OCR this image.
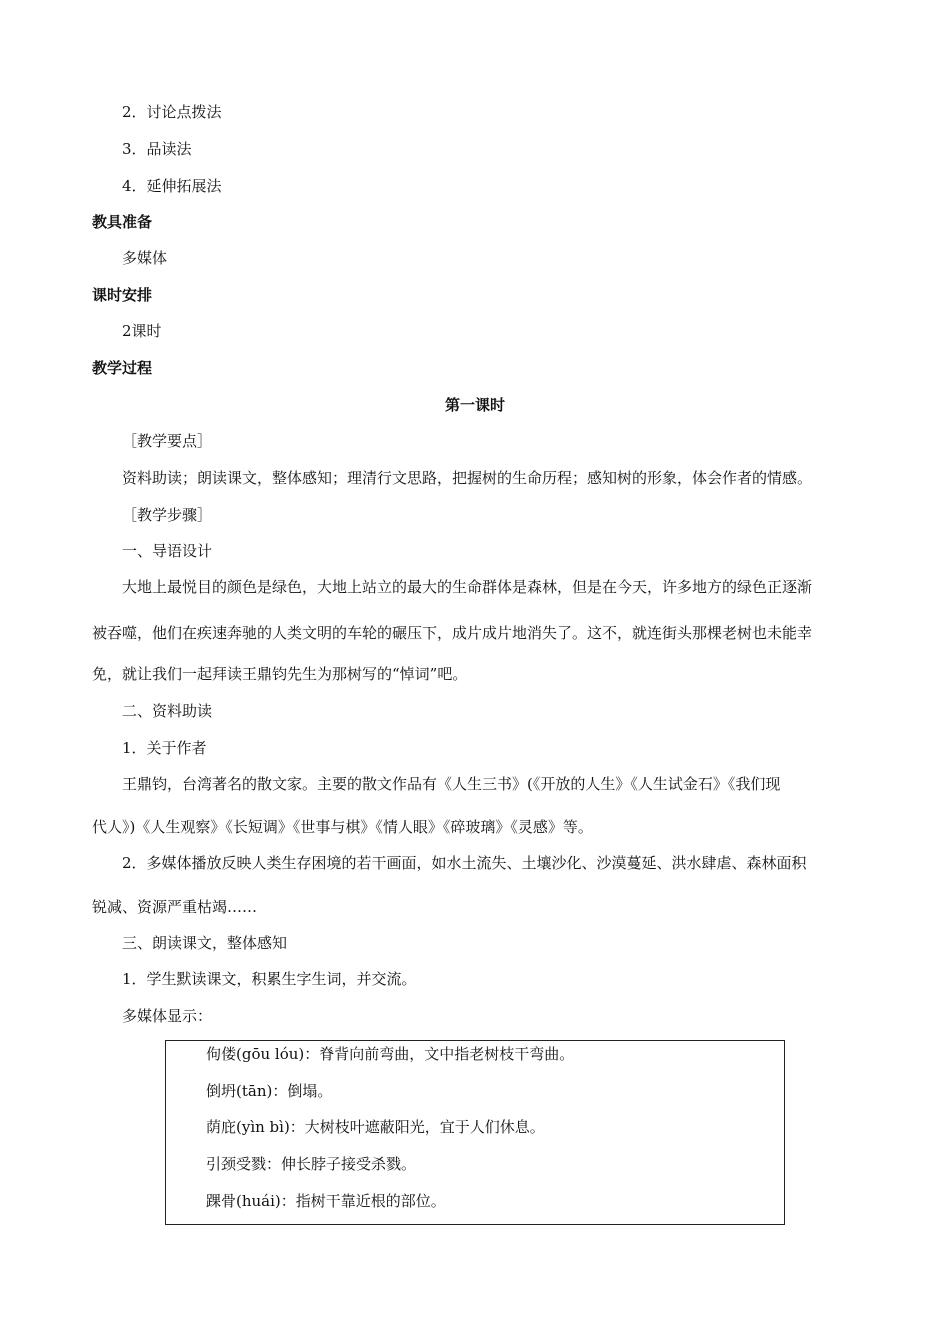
2．讨论点拨法
3．品读法
4．延伸拓展法
教具准备
多媒体
课时安排
2课时
教学过程
第一课时
［教学要点］
资料助读；朗读课文，整体感知；理清行文思路，把握树的生命历程；感知树的形象，体会作者的情感。
［教学步骤］
一、导语设计
大地上最悦目的颜色是绿色，大地上站立的最大的生命群体是森林，但是在今天，许多地方的绿色正逐渐
被吞噬，他们在疾速奔驰的人类文明的车轮的碾压下，成片成片地消失了。这不，就连街头那棵老树也未能幸
免，就让我们一起拜读王鼎钧先生为那树写的“悼词”吧。
二、资料助读
1．关于作者
王鼎钧，台湾著名的散文家。主要的散文作品有《人生三书》(《开放的人生》《人生试金石》《我们现
代人》)《人生观察》《长短调》《世事与棋》《情人眼》《碎玻璃》《灵感》等。
2．多媒体播放反映人类生存困境的若干画面，如水土流失、土壤沙化、沙漠蔓延、洪水肆虐、森林面积
锐减、资源严重枯竭……
三、朗读课文，整体感知
1．学生默读课文，积累生字生词，并交流。
多媒体显示：
佝偻(gōu lóu)：脊背向前弯曲，文中指老树枝干弯曲。
倒坍(tān)：倒塌。
荫庇(yìn bì)：大树枝叶遮蔽阳光，宜于人们休息。
引颈受戮：伸长脖子接受杀戮。
踝骨(huái)：指树干靠近根的部位。
